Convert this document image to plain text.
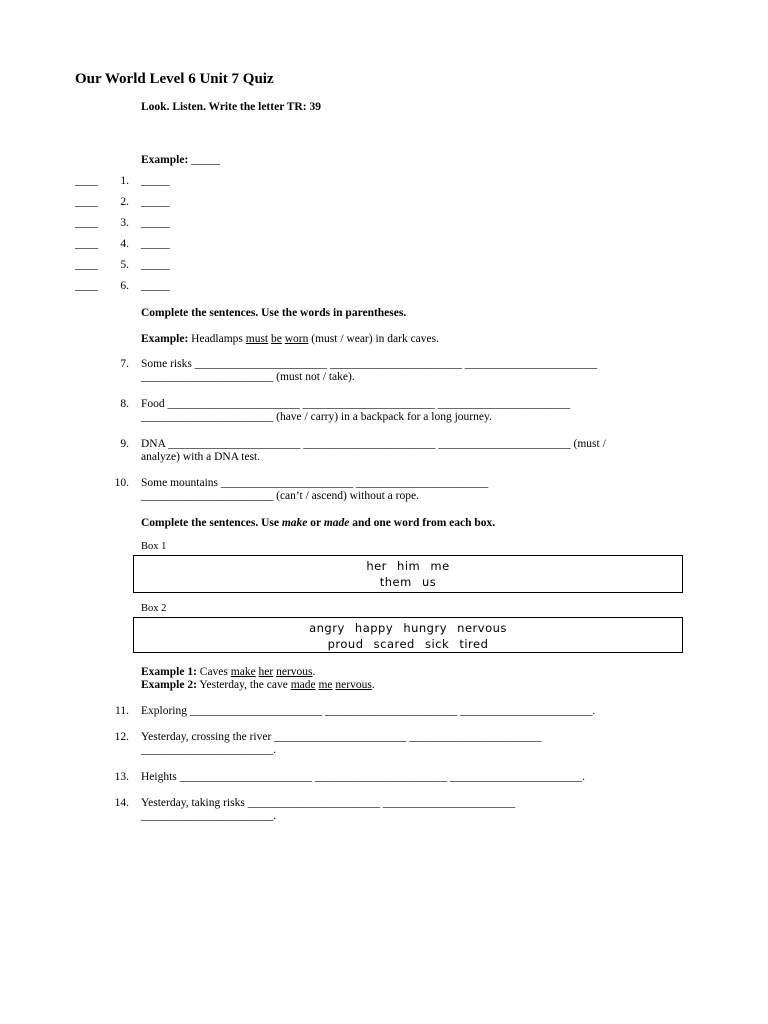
Our World Level 6 Unit 7 Quiz
Look. Listen. Write the letter TR: 39
Example: _____
____	1. _____
____	2. _____
____	3. _____
____	4. _____
____	5. _____
____	6. _____
Complete the sentences. Use the words in parentheses.
Example: Headlamps must be worn (must / wear) in dark caves.
7. Some risks _______________________ _______________________ _______________________
_______________________ (must not / take).
8. Food _______________________ _______________________ _______________________
_______________________ (have / carry) in a backpack for a long journey.
9. DNA _______________________ _______________________ _______________________ (must /
analyze) with a DNA test.
10. Some mountains _______________________ _______________________
_______________________ (can’t / ascend) without a rope.
Complete the sentences. Use make or made and one word from each box.
Box 1
her him me
them us
Box 2
angry happy hungry nervous
proud scared sick tired
Example 1: Caves make her nervous.
Example 2: Yesterday, the cave made me nervous.
11. Exploring _______________________ _______________________ _______________________.
12. Yesterday, crossing the river _______________________ _______________________
_______________________.
13. Heights _______________________ _______________________ _______________________.
14. Yesterday, taking risks _______________________ _______________________
_______________________.
